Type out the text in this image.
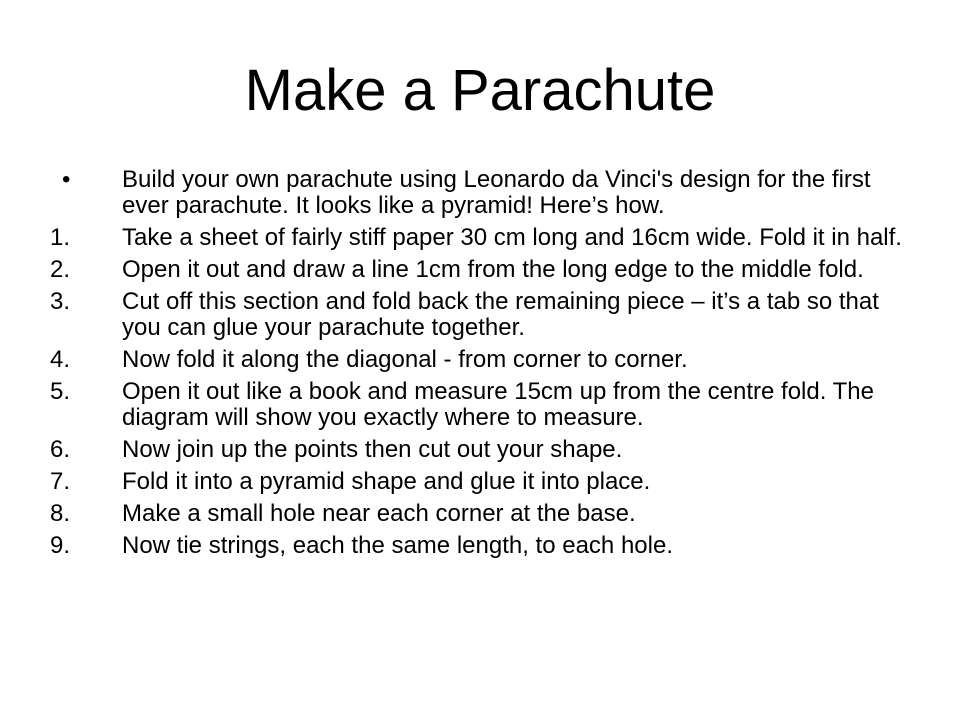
Make a Parachute
•	Build your own parachute using Leonardo da Vinci's design for the first ever parachute. It looks like a pyramid! Here’s how.
1.	Take a sheet of fairly stiff paper 30 cm long and 16cm wide. Fold it in half.
2.	Open it out and draw a line 1cm from the long edge to the middle fold.
3.	Cut off this section and fold back the remaining piece – it’s a tab so that you can glue your parachute together.
4.	Now fold it along the diagonal - from corner to corner.
5.	Open it out like a book and measure 15cm up from the centre fold. The diagram will show you exactly where to measure.
6.	Now join up the points then cut out your shape.
7.	Fold it into a pyramid shape and glue it into place.
8.	Make a small hole near each corner at the base.
9.	Now tie strings, each the same length, to each hole.
